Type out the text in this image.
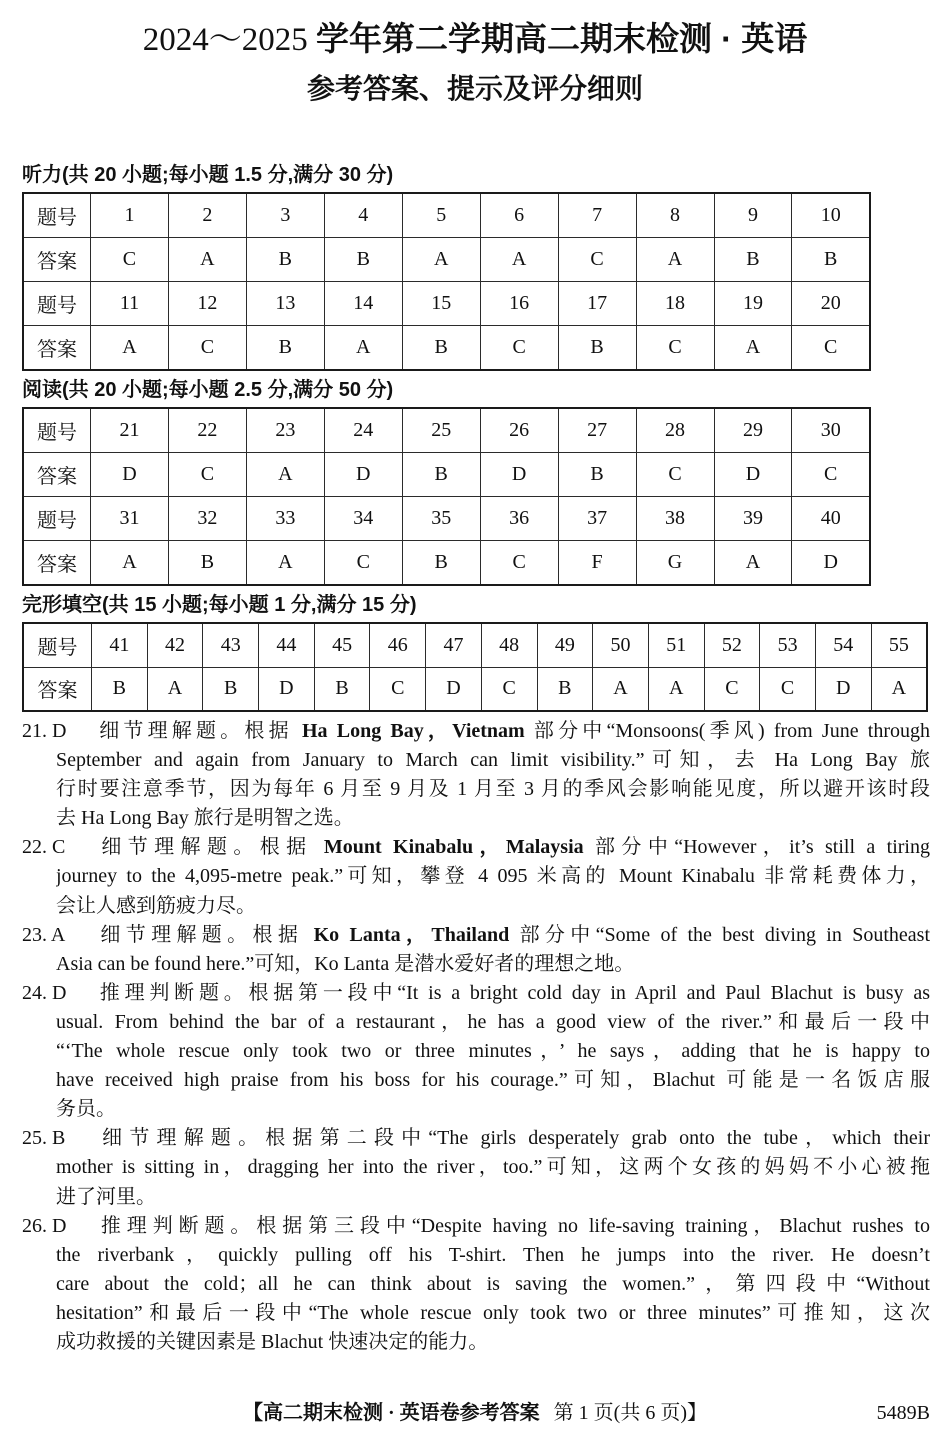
2024～2025 学年第二学期高二期末检测 · 英语
参考答案、提示及评分细则
听力(共 20 小题;每小题 1.5 分,满分 30 分)
题号	1	2	3	4	5	6	7	8	9	10
答案	C	A	B	B	A	A	C	A	B	B
题号	11	12	13	14	15	16	17	18	19	20
答案	A	C	B	A	B	C	B	C	A	C
阅读(共 20 小题;每小题 2.5 分,满分 50 分)
题号	21	22	23	24	25	26	27	28	29	30
答案	D	C	A	D	B	D	B	C	D	C
题号	31	32	33	34	35	36	37	38	39	40
答案	A	B	A	C	B	C	F	G	A	D
完形填空(共 15 小题;每小题 1 分,满分 15 分)
题号	41	42	43	44	45	46	47	48	49	50	51	52	53	54	55
答案	B	A	B	D	B	C	D	C	B	A	A	C	C	D	A
21. D 细节理解题。根据 Ha Long Bay，Vietnam 部分中“Monsoons(季风) from June through
September and again from January to March can limit visibility.”可知，去 Ha Long Bay 旅
行时要注意季节，因为每年 6 月至 9 月及 1 月至 3 月的季风会影响能见度，所以避开该时段
去 Ha Long Bay 旅行是明智之选。
22. C 细节理解题。根据 Mount Kinabalu，Malaysia 部分中“However，it’s still a tiring
journey to the 4,095-metre peak.”可知，攀登 4 095 米高的 Mount Kinabalu 非常耗费体力，
会让人感到筋疲力尽。
23. A 细节理解题。根据 Ko Lanta，Thailand 部分中“Some of the best diving in Southeast
Asia can be found here.”可知，Ko Lanta 是潜水爱好者的理想之地。
24. D 推理判断题。根据第一段中“It is a bright cold day in April and Paul Blachut is busy as
usual. From behind the bar of a restaurant，he has a good view of the river.”和最后一段中
“‘The whole rescue only took two or three minutes，’ he says，adding that he is happy to
have received high praise from his boss for his courage.”可知，Blachut 可能是一名饭店服
务员。
25. B 细节理解题。根据第二段中“The girls desperately grab onto the tube，which their
mother is sitting in，dragging her into the river，too.”可知，这两个女孩的妈妈不小心被拖
进了河里。
26. D 推理判断题。根据第三段中“Despite having no life-saving training，Blachut rushes to
the riverbank，quickly pulling off his T-shirt. Then he jumps into the river. He doesn’t
care about the cold；all he can think about is saving the women.”，第四段中“Without
hesitation”和最后一段中“The whole rescue only took two or three minutes”可推知，这次
成功救援的关键因素是 Blachut 快速决定的能力。
【高二期末检测 · 英语卷参考答案 第 1 页(共 6 页)】	5489B
